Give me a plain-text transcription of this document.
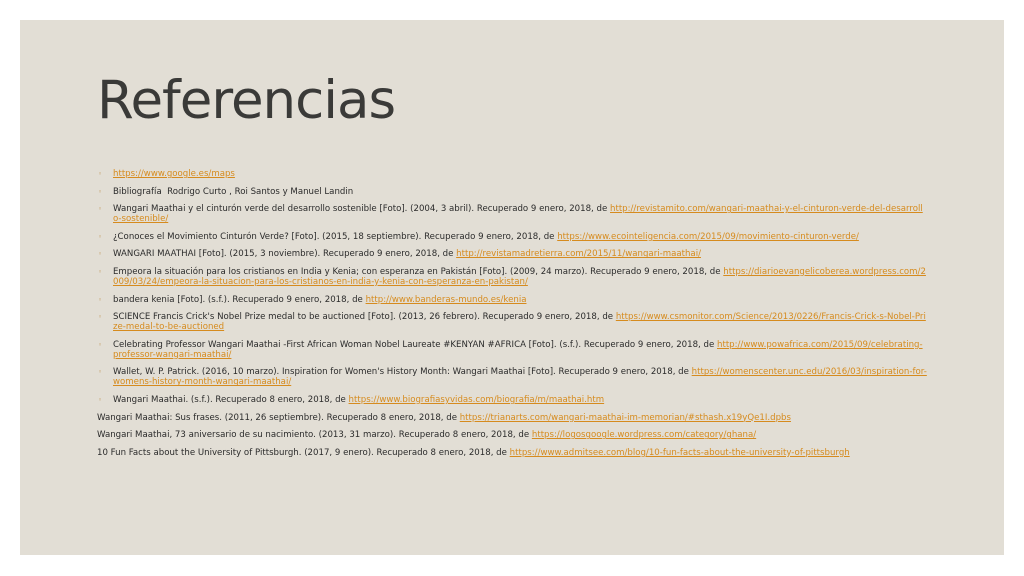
Referencias
◦ https://www.google.es/maps
◦ Bibliografía  Rodrigo Curto , Roi Santos y Manuel Landin
◦ Wangari Maathai y el cinturón verde del desarrollo sostenible [Foto]. (2004, 3 abril). Recuperado 9 enero, 2018, de http://revistamito.com/wangari-maathai-y-el-cinturon-verde-del-desarrollo-sostenible/
◦ ¿Conoces el Movimiento Cinturón Verde? [Foto]. (2015, 18 septiembre). Recuperado 9 enero, 2018, de https://www.ecointeligencia.com/2015/09/movimiento-cinturon-verde/
◦ WANGARI MAATHAI [Foto]. (2015, 3 noviembre). Recuperado 9 enero, 2018, de http://revistamadretierra.com/2015/11/wangari-maathai/
◦ Empeora la situación para los cristianos en India y Kenia; con esperanza en Pakistán [Foto]. (2009, 24 marzo). Recuperado 9 enero, 2018, de https://diarioevangelicoberea.wordpress.com/2009/03/24/empeora-la-situacion-para-los-cristianos-en-india-y-kenia-con-esperanza-en-pakistan/
◦ bandera kenia [Foto]. (s.f.). Recuperado 9 enero, 2018, de http://www.banderas-mundo.es/kenia
◦ SCIENCE Francis Crick's Nobel Prize medal to be auctioned [Foto]. (2013, 26 febrero). Recuperado 9 enero, 2018, de https://www.csmonitor.com/Science/2013/0226/Francis-Crick-s-Nobel-Prize-medal-to-be-auctioned
◦ Celebrating Professor Wangari Maathai -First African Woman Nobel Laureate #KENYAN #AFRICA [Foto]. (s.f.). Recuperado 9 enero, 2018, de http://www.powafrica.com/2015/09/celebrating-professor-wangari-maathai/
◦ Wallet, W. P. Patrick. (2016, 10 marzo). Inspiration for Women's History Month: Wangari Maathai [Foto]. Recuperado 9 enero, 2018, de https://womenscenter.unc.edu/2016/03/inspiration-for-womens-history-month-wangari-maathai/
◦ Wangari Maathai. (s.f.). Recuperado 8 enero, 2018, de https://www.biografiasyvidas.com/biografia/m/maathai.htm
Wangari Maathai: Sus frases. (2011, 26 septiembre). Recuperado 8 enero, 2018, de https://trianarts.com/wangari-maathai-im-memorian/#sthash.x19yQe1I.dpbs
Wangari Maathai, 73 aniversario de su nacimiento. (2013, 31 marzo). Recuperado 8 enero, 2018, de https://logosgoogle.wordpress.com/category/ghana/
10 Fun Facts about the University of Pittsburgh. (2017, 9 enero). Recuperado 8 enero, 2018, de https://www.admitsee.com/blog/10-fun-facts-about-the-university-of-pittsburgh
